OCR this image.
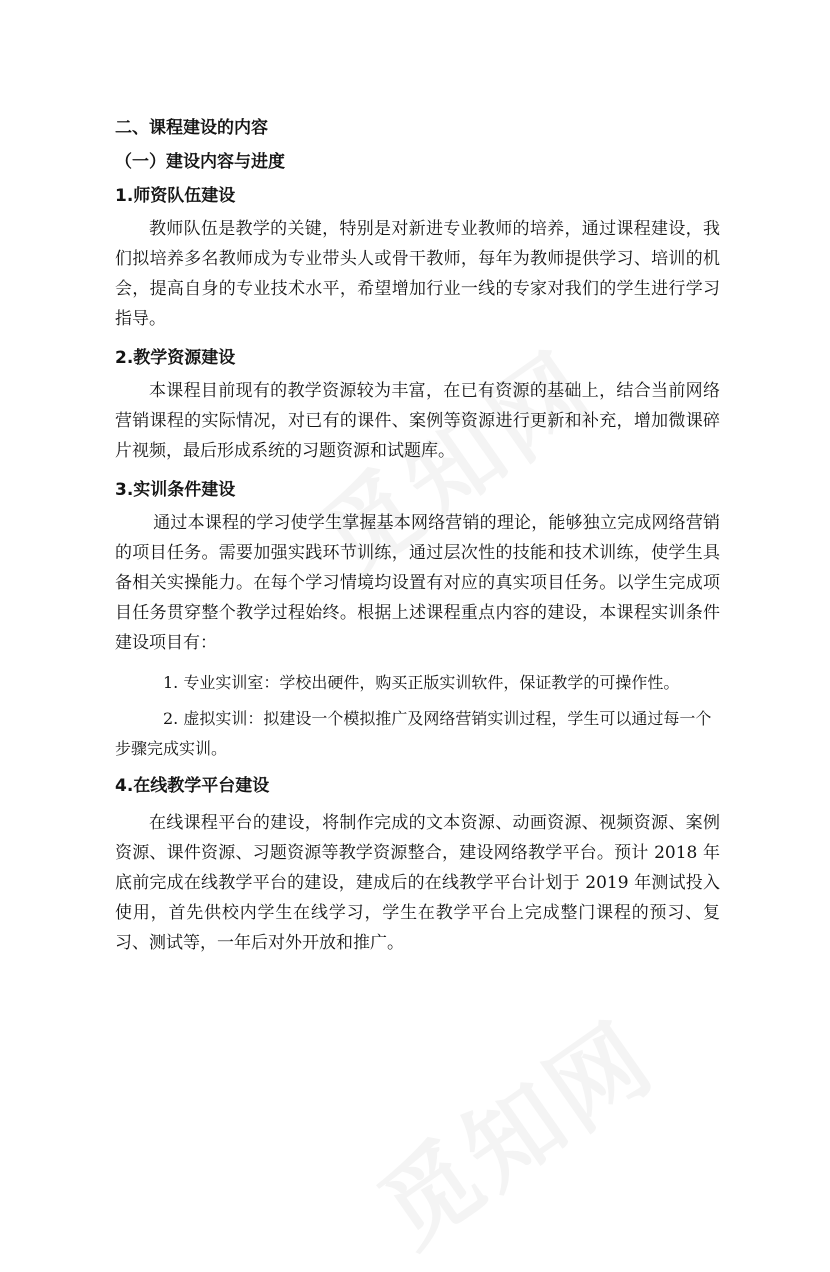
二、课程建设的内容
（一）建设内容与进度
1.师资队伍建设

教师队伍是教学的关键，特别是对新进专业教师的培养，通过课程建设，我们拟培养多名教师成为专业带头人或骨干教师，每年为教师提供学习、培训的机会，提高自身的专业技术水平，希望增加行业一线的专家对我们的学生进行学习指导。

2.教学资源建设

本课程目前现有的教学资源较为丰富，在已有资源的基础上，结合当前网络营销课程的实际情况，对已有的课件、案例等资源进行更新和补充，增加微课碎片视频，最后形成系统的习题资源和试题库。

3.实训条件建设

通过本课程的学习使学生掌握基本网络营销的理论，能够独立完成网络营销的项目任务。需要加强实践环节训练，通过层次性的技能和技术训练，使学生具备相关实操能力。在每个学习情境均设置有对应的真实项目任务。以学生完成项目任务贯穿整个教学过程始终。根据上述课程重点内容的建设，本课程实训条件建设项目有：

1. 专业实训室：学校出硬件，购买正版实训软件，保证教学的可操作性。

2. 虚拟实训：拟建设一个模拟推广及网络营销实训过程，学生可以通过每一个步骤完成实训。

4.在线教学平台建设

在线课程平台的建设，将制作完成的文本资源、动画资源、视频资源、案例资源、课件资源、习题资源等教学资源整合，建设网络教学平台。预计 2018 年底前完成在线教学平台的建设，建成后的在线教学平台计划于 2019 年测试投入使用，首先供校内学生在线学习，学生在教学平台上完成整门课程的预习、复习、测试等，一年后对外开放和推广。
